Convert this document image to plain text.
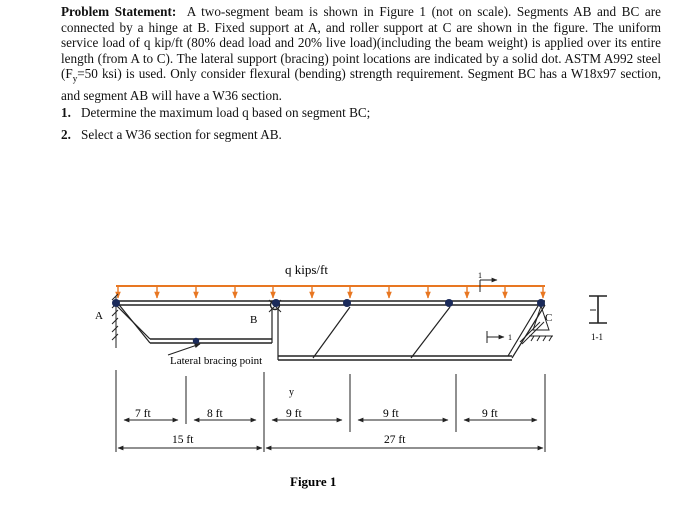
Problem Statement: A two-segment beam is shown in Figure 1 (not on scale). Segments AB and BC are connected by a hinge at B. Fixed support at A, and roller support at C are shown in the figure. The uniform service load of q kip/ft (80% dead load and 20% live load)(including the beam weight) is applied over its entire length (from A to C). The lateral support (bracing) point locations are indicated by a solid dot. ASTM A992 steel ($F_y=50$ ksi) is used. Only consider flexural (bending) strength requirement. Segment BC has a W18x97 section, and segment AB will have a W36 section.
1. Determine the maximum load q based on segment BC;
2. Select a W36 section for segment AB.
q kips/ft
A	C
B
Lateral bracing point
1
1	1-1
y
7 ft	8 ft
15 ft
9 ft	9 ft	9 ft
27 ft
Figure 1
